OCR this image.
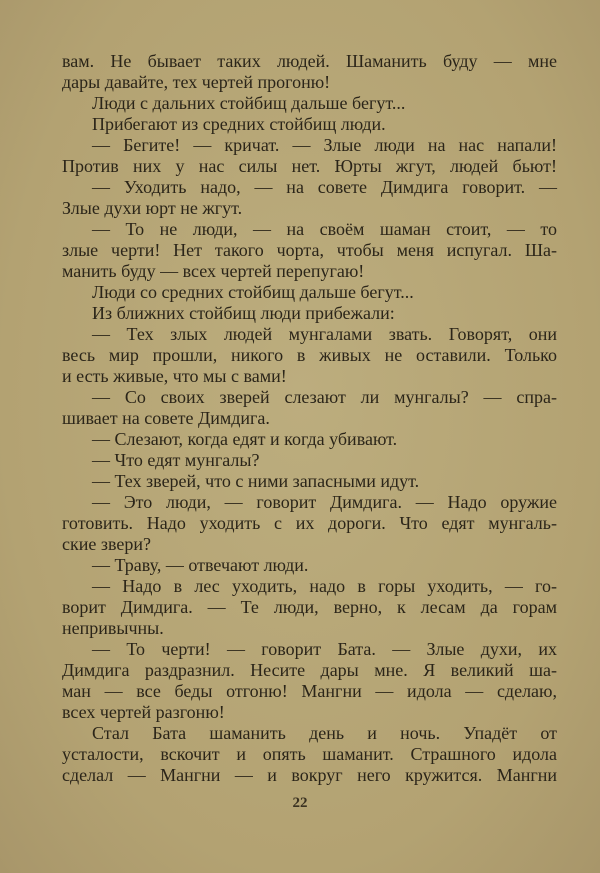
вам. Не бывает таких людей. Шаманить буду — мне
дары давайте, тех чертей прогоню!
Люди с дальних стойбищ дальше бегут...
Прибегают из средних стойбищ люди.
— Бегите! — кричат. — Злые люди на нас напали!
Против них у нас силы нет. Юрты жгут, людей бьют!
— Уходить надо, — на совете Димдига говорит. —
Злые духи юрт не жгут.
— То не люди, — на своём шаман стоит, — то
злые черти! Нет такого чорта, чтобы меня испугал. Ша-
манить буду — всех чертей перепугаю!
Люди со средних стойбищ дальше бегут...
Из ближних стойбищ люди прибежали:
— Тех злых людей мунгалами звать. Говорят, они
весь мир прошли, никого в живых не оставили. Только
и есть живые, что мы с вами!
— Со своих зверей слезают ли мунгалы? — спра-
шивает на совете Димдига.
— Слезают, когда едят и когда убивают.
— Что едят мунгалы?
— Тех зверей, что с ними запасными идут.
— Это люди, — говорит Димдига. — Надо оружие
готовить. Надо уходить с их дороги. Что едят мунгаль-
ские звери?
— Траву, — отвечают люди.
— Надо в лес уходить, надо в горы уходить, — го-
ворит Димдига. — Те люди, верно, к лесам да горам
непривычны.
— То черти! — говорит Бата. — Злые духи, их
Димдига раздразнил. Несите дары мне. Я великий ша-
ман — все беды отгоню! Мангни — идола — сделаю,
всех чертей разгоню!
Стал Бата шаманить день и ночь. Упадёт от
усталости, вскочит и опять шаманит. Страшного идола
сделал — Мангни — и вокруг него кружится. Мангни
22
